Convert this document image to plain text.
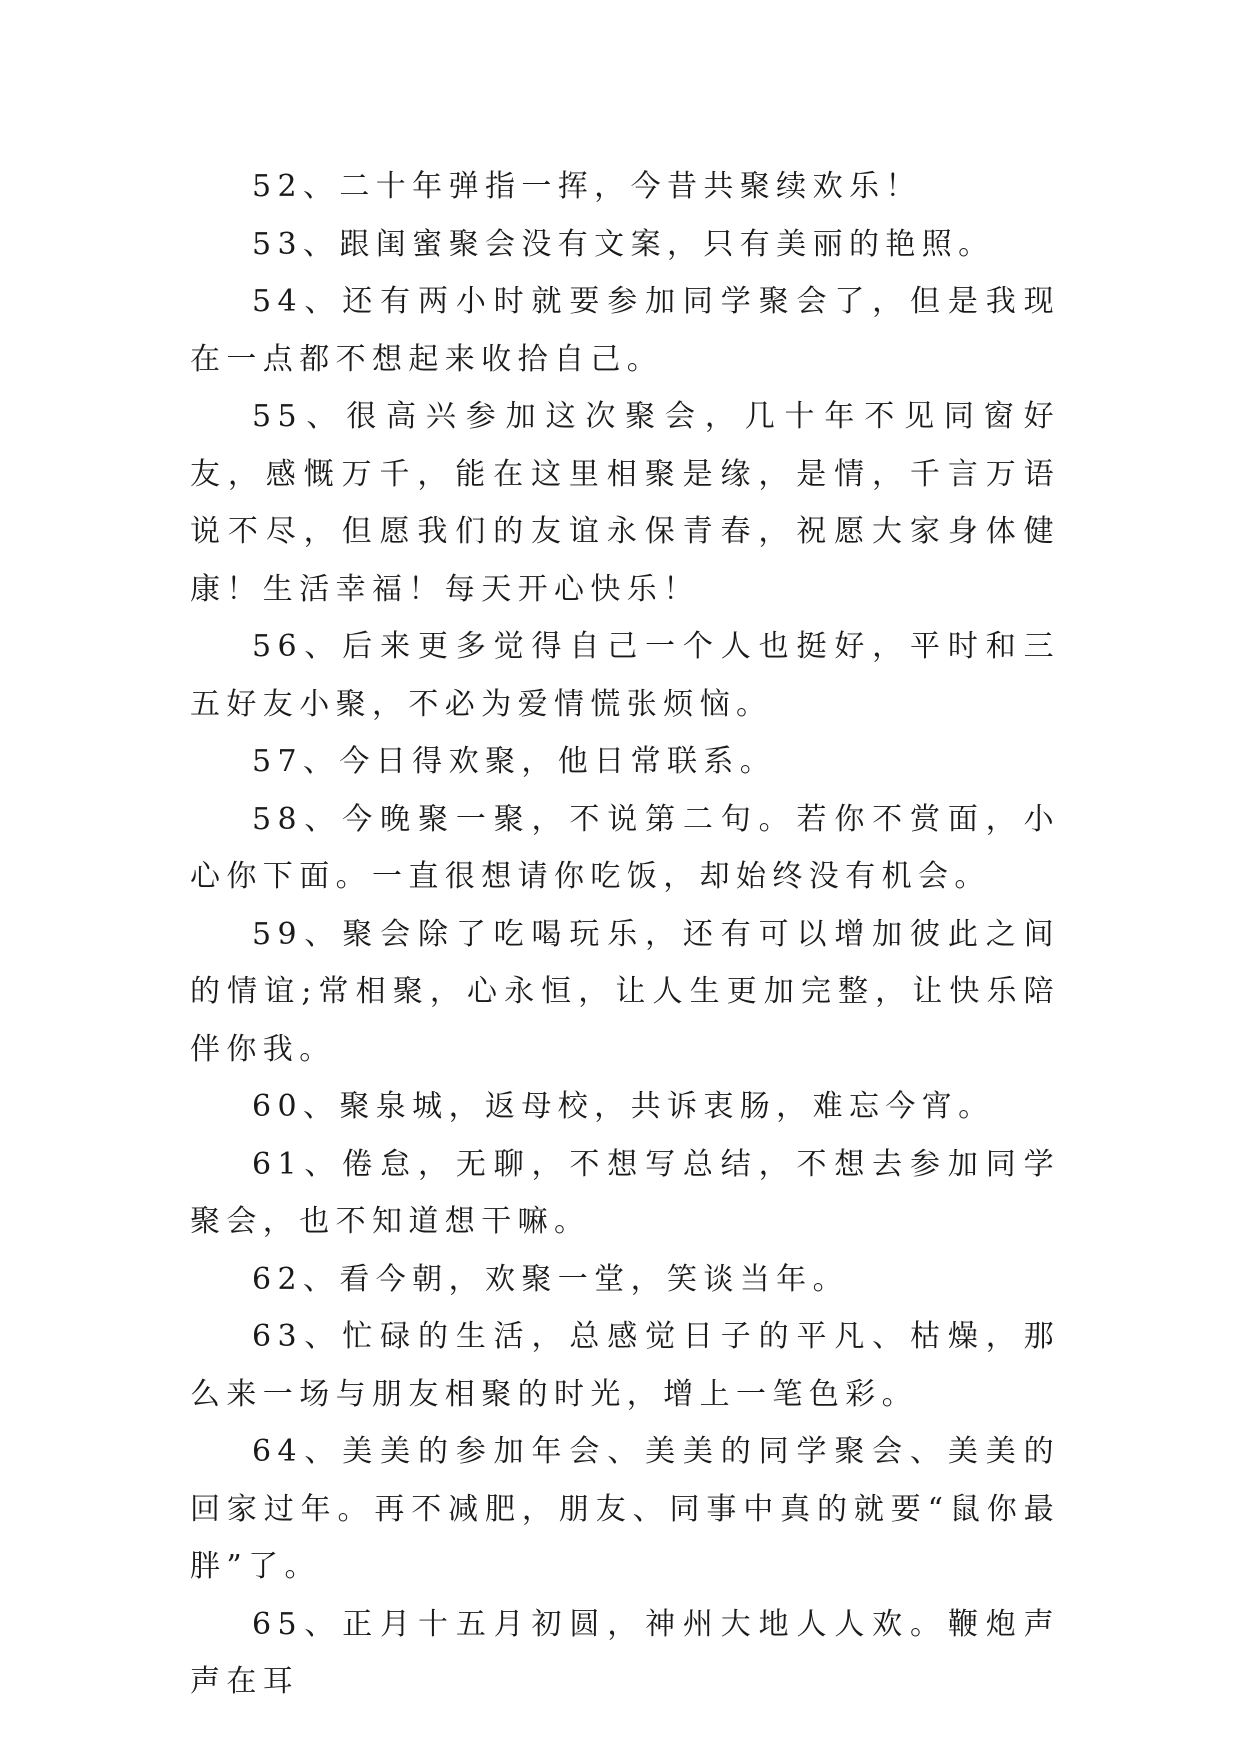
52、二十年弹指一挥，今昔共聚续欢乐！

53、跟闺蜜聚会没有文案，只有美丽的艳照。

54、还有两小时就要参加同学聚会了，但是我现在一点都不想起来收拾自己。

55、很高兴参加这次聚会，几十年不见同窗好友，感慨万千，能在这里相聚是缘，是情，千言万语说不尽，但愿我们的友谊永保青春，祝愿大家身体健康！生活幸福！每天开心快乐！

56、后来更多觉得自己一个人也挺好，平时和三五好友小聚，不必为爱情慌张烦恼。

57、今日得欢聚，他日常联系。

58、今晚聚一聚，不说第二句。若你不赏面，小心你下面。一直很想请你吃饭，却始终没有机会。

59、聚会除了吃喝玩乐，还有可以增加彼此之间的情谊;常相聚，心永恒，让人生更加完整，让快乐陪伴你我。

60、聚泉城，返母校，共诉衷肠，难忘今宵。

61、倦怠，无聊，不想写总结，不想去参加同学聚会，也不知道想干嘛。

62、看今朝，欢聚一堂，笑谈当年。

63、忙碌的生活，总感觉日子的平凡、枯燥，那么来一场与朋友相聚的时光，增上一笔色彩。

64、美美的参加年会、美美的同学聚会、美美的回家过年。再不减肥，朋友、同事中真的就要“鼠你最胖”了。

65、正月十五月初圆，神州大地人人欢。鞭炮声声在耳
